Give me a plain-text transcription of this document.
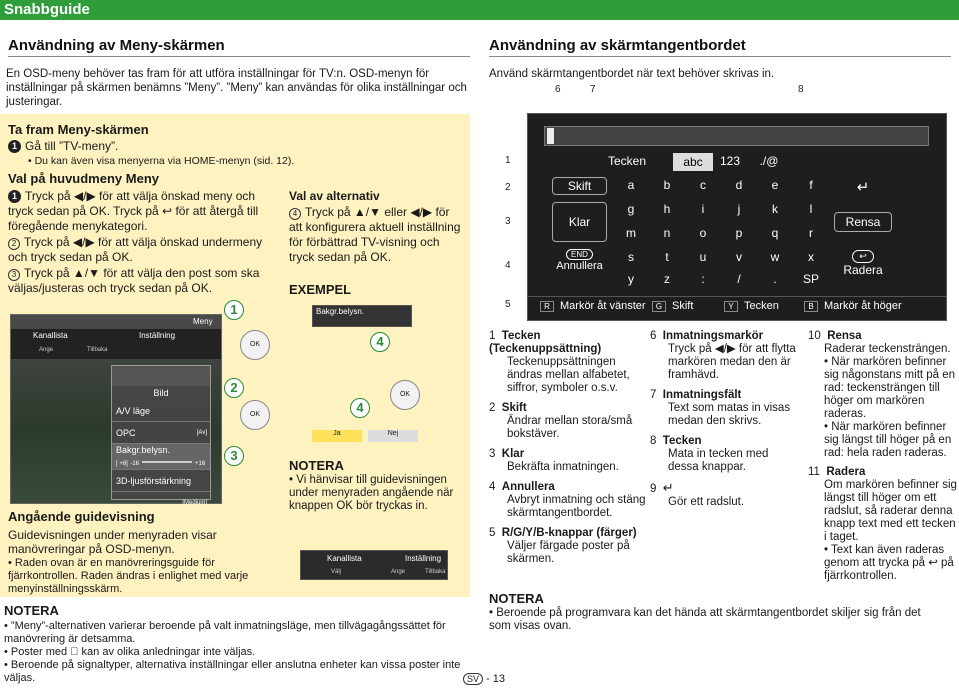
Snabbguide
Användning av Meny-skärmen
En OSD-meny behöver tas fram för att utföra inställningar för TV:n. OSD-menyn för inställningar på skärmen benämns ”Meny”. ”Meny” kan användas för olika inställningar och justeringar.
Ta fram Meny-skärmen
1 Gå till ”TV-meny”.
• Du kan även visa menyerna via HOME-menyn (sid. 12).
Val på huvudmeny Meny
1 Tryck på ◀/▶ för att välja önskad meny och tryck sedan på OK. Tryck på ↩ för att återgå till föregående menykategori.
2 Tryck på ◀/▶ för att välja önskad undermeny och tryck sedan på OK.
3 Tryck på ▲/▼ för att välja den post som ska väljas/justeras och tryck sedan på OK.
Val av alternativ
4 Tryck på ▲/▼ eller ◀/▶ för att konfigurera aktuell inställning för förbättrad TV-visning och tryck sedan på OK.
EXEMPEL
Kanallista	Inställning
Ange	Tillbaka
Meny
Bild
A/V läge
OPC	[Av]
Bakgr.belysn.
[ +8] -16	+16
3D-ljusförstärkning
[Medium]
OK
OK
1
2
3
Bakgr.belysn.
OK
4
4
Ja	Nej
NOTERA
• Vi hänvisar till guidevisningen under menyraden angående när knappen OK bör tryckas in.
Kanallista	Inställning
Välj	Ange	Tillbaka
Angående guidevisning
Guidevisningen under menyraden visar manövreringar på OSD-menyn.
• Raden ovan är en manövreringsguide för fjärrkontrollen. Raden ändras i enlighet med varje menyinställningsskärm.
NOTERA
• ”Meny”-alternativen varierar beroende på valt inmatningsläge, men tillvägagångssättet för manövrering är detsamma.
• Poster med ⃠ kan av olika anledningar inte väljas.
• Beroende på signaltyper, alternativa inställningar eller anslutna enheter kan vissa poster inte väljas.	SV - 13
Användning av skärmtangentbordet
Använd skärmtangentbordet när text behöver skrivas in.
6	7	8
1
2
3
4
5
Tecken	abc	123	./@
Skift
Klar
END
Annullera
↵
Rensa
↩
Radera
R Markör åt vänster	G Skift	Y Tecken	B Markör åt höger
a	b	c	d	e	f
g	h	i	j	k	l
m	n	o	p	q	r
s	t	u	v	w	x
y	z	:	/	.	SP
1 Tecken
(Teckenuppsättning)
Teckenuppsättningen ändras mellan alfabetet, siffror, symboler o.s.v.
2 Skift
Ändrar mellan stora/små bokstäver.
3 Klar
Bekräfta inmatningen.
4 Annullera
Avbryt inmatning och stäng skärmtangentbordet.
5 R/G/Y/B-knappar (färger)
Väljer färgade poster på skärmen.
6 Inmatningsmarkör
Tryck på ◀/▶ för att flytta markören medan den är framhävd.
7 Inmatningsfält
Text som matas in visas medan den skrivs.
8 Tecken
Mata in tecken med dessa knappar.
9 ↵
Gör ett radslut.
10 Rensa
Raderar teckensträngen.
• När markören befinner sig någonstans mitt på en rad: teckensträngen till höger om markören raderas.
• När markören befinner sig längst till höger på en rad: hela raden raderas.
11 Radera
Om markören befinner sig längst till höger om ett radslut, så raderar denna knapp text med ett tecken i taget.
• Text kan även raderas genom att trycka på ↩ på fjärrkontrollen.
NOTERA
• Beroende på programvara kan det hända att skärmtangentbordet skiljer sig från det som visas ovan.
